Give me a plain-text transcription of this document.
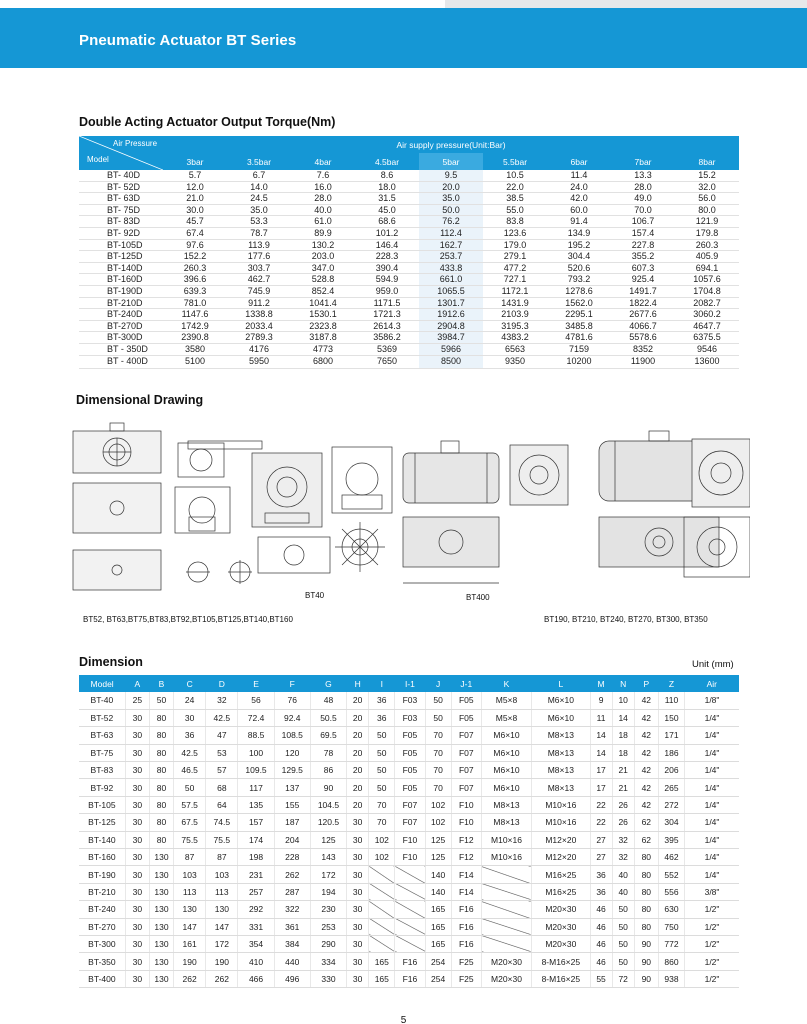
Pneumatic Actuator BT Series
Double Acting Actuator Output Torque(Nm)
Air Pressure
Model	Air supply pressure(Unit:Bar)								
	3bar	3.5bar	4bar	4.5bar	5bar	5.5bar	6bar	7bar	8bar
BT- 40D	5.7	6.7	7.6	8.6	9.5	10.5	11.4	13.3	15.2
BT- 52D	12.0	14.0	16.0	18.0	20.0	22.0	24.0	28.0	32.0
BT- 63D	21.0	24.5	28.0	31.5	35.0	38.5	42.0	49.0	56.0
BT- 75D	30.0	35.0	40.0	45.0	50.0	55.0	60.0	70.0	80.0
BT- 83D	45.7	53.3	61.0	68.6	76.2	83.8	91.4	106.7	121.9
BT- 92D	67.4	78.7	89.9	101.2	112.4	123.6	134.9	157.4	179.8
BT-105D	97.6	113.9	130.2	146.4	162.7	179.0	195.2	227.8	260.3
BT-125D	152.2	177.6	203.0	228.3	253.7	279.1	304.4	355.2	405.9
BT-140D	260.3	303.7	347.0	390.4	433.8	477.2	520.6	607.3	694.1
BT-160D	396.6	462.7	528.8	594.9	661.0	727.1	793.2	925.4	1057.6
BT-190D	639.3	745.9	852.4	959.0	1065.5	1172.1	1278.6	1491.7	1704.8
BT-210D	781.0	911.2	1041.4	1171.5	1301.7	1431.9	1562.0	1822.4	2082.7
BT-240D	1147.6	1338.8	1530.1	1721.3	1912.6	2103.9	2295.1	2677.6	3060.2
BT-270D	1742.9	2033.4	2323.8	2614.3	2904.8	3195.3	3485.8	4066.7	4647.7
BT-300D	2390.8	2789.3	3187.8	3586.2	3984.7	4383.2	4781.6	5578.6	6375.5
BT - 350D	3580	4176	4773	5369	5966	6563	7159	8352	9546
BT - 400D	5100	5950	6800	7650	8500	9350	10200	11900	13600
Dimensional Drawing
BT40	BT400
BT52, BT63,BT75,BT83,BT92,BT105,BT125,BT140,BT160	BT190, BT210, BT240, BT270, BT300, BT350
Dimension	Unit (mm)
Model	A	B	C	D	E	F	G	H	I	I-1	J	J-1	K	L	M	N	P	Z	Air
BT-40	25	50	24	32	56	76	48	20	36	F03	50	F05	M5×8	M6×10	9	10	42	110	1/8"
BT-52	30	80	30	42.5	72.4	92.4	50.5	20	36	F03	50	F05	M5×8	M6×10	11	14	42	150	1/4"
BT-63	30	80	36	47	88.5	108.5	69.5	20	50	F05	70	F07	M6×10	M8×13	14	18	42	171	1/4"
BT-75	30	80	42.5	53	100	120	78	20	50	F05	70	F07	M6×10	M8×13	14	18	42	186	1/4"
BT-83	30	80	46.5	57	109.5	129.5	86	20	50	F05	70	F07	M6×10	M8×13	17	21	42	206	1/4"
BT-92	30	80	50	68	117	137	90	20	50	F05	70	F07	M6×10	M8×13	17	21	42	265	1/4"
BT-105	30	80	57.5	64	135	155	104.5	20	70	F07	102	F10	M8×13	M10×16	22	26	42	272	1/4"
BT-125	30	80	67.5	74.5	157	187	120.5	30	70	F07	102	F10	M8×13	M10×16	22	26	62	304	1/4"
BT-140	30	80	75.5	75.5	174	204	125	30	102	F10	125	F12	M10×16	M12×20	27	32	62	395	1/4"
BT-160	30	130	87	87	198	228	143	30	102	F10	125	F12	M10×16	M12×20	27	32	80	462	1/4"
BT-190	30	130	103	103	231	262	172	30			140	F14		M16×25	36	40	80	552	1/4"
BT-210	30	130	113	113	257	287	194	30			140	F14		M16×25	36	40	80	556	3/8"
BT-240	30	130	130	130	292	322	230	30			165	F16		M20×30	46	50	80	630	1/2"
BT-270	30	130	147	147	331	361	253	30			165	F16		M20×30	46	50	80	750	1/2"
BT-300	30	130	161	172	354	384	290	30			165	F16		M20×30	46	50	90	772	1/2"
BT-350	30	130	190	190	410	440	334	30	165	F16	254	F25	M20×30	8-M16×25	46	50	90	860	1/2"
BT-400	30	130	262	262	466	496	330	30	165	F16	254	F25	M20×30	8-M16×25	55	72	90	938	1/2"
5
